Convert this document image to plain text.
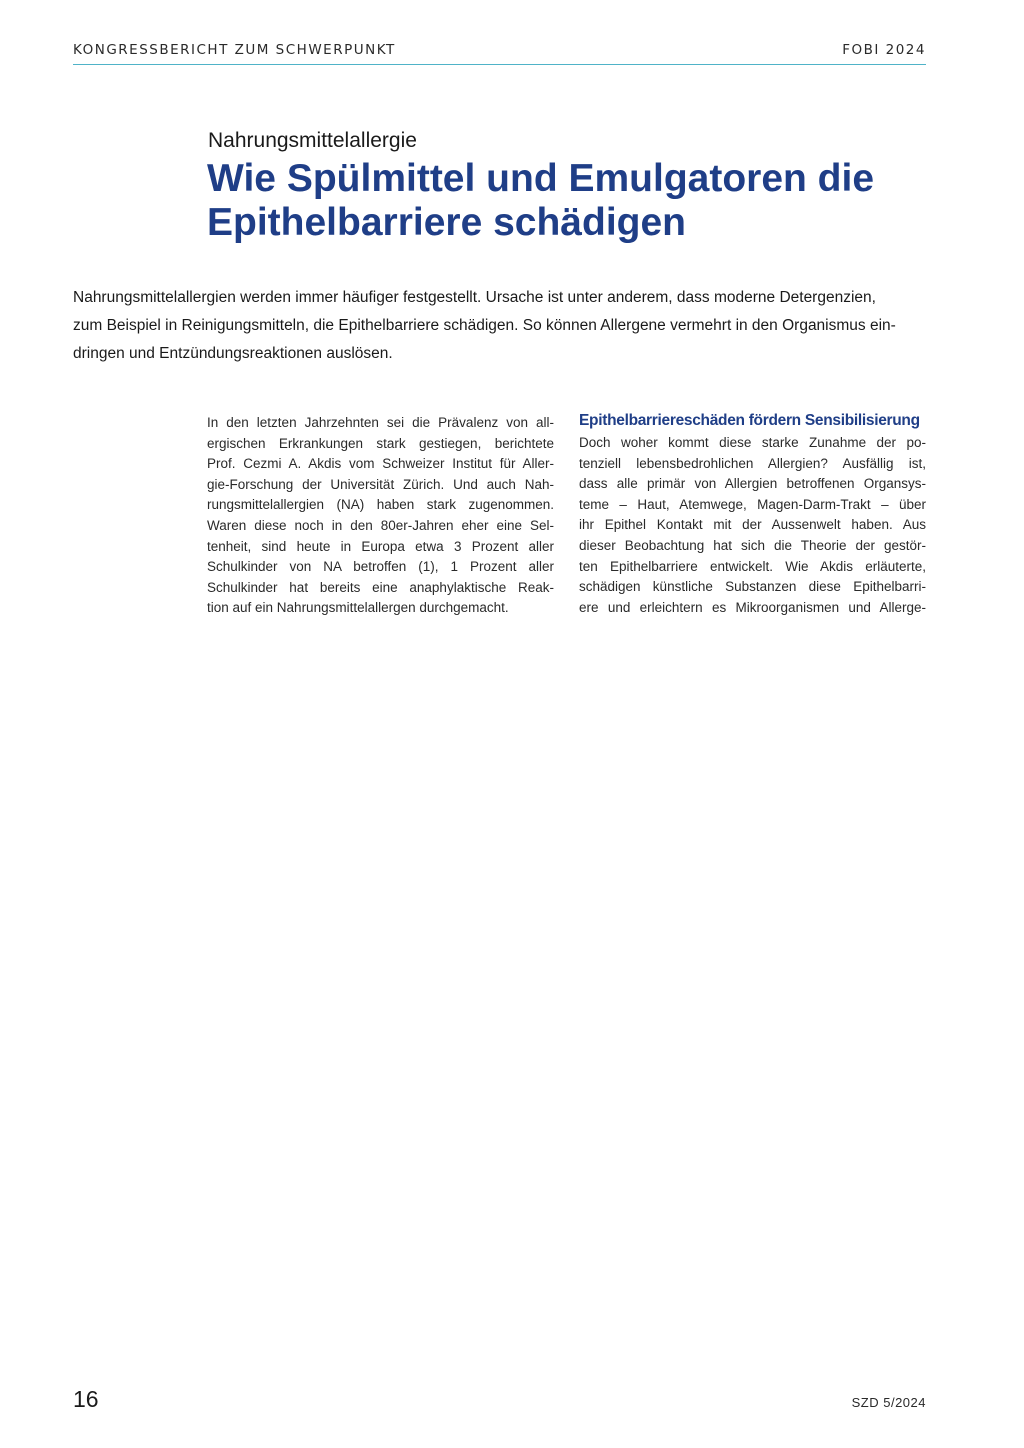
KONGRESSBERICHT ZUM SCHWERPUNKT	FOBI 2024
Nahrungsmittelallergie
Wie Spülmittel und Emulgatoren die
Epithelbarriere schädigen
Nahrungsmittelallergien werden immer häufiger festgestellt. Ursache ist unter anderem, dass moderne Detergenzien,
zum Beispiel in Reinigungsmitteln, die Epithelbarriere schädigen. So können Allergene vermehrt in den Organismus ein-
dringen und Entzündungsreaktionen auslösen.
In den letzten Jahrzehnten sei die Prävalenz von all-
ergischen Erkrankungen stark gestiegen, berichtete
Prof. Cezmi A. Akdis vom Schweizer Institut für Aller-
gie-Forschung der Universität Zürich. Und auch Nah-
rungsmittelallergien (NA) haben stark zugenommen.
Waren diese noch in den 80er-Jahren eher eine Sel-
tenheit, sind heute in Europa etwa 3 Prozent aller
Schulkinder von NA betroffen (1), 1 Prozent aller
Schulkinder hat bereits eine anaphylaktische Reak-
tion auf ein Nahrungsmittelallergen durchgemacht.
Epithelbarriereschäden fördern Sensibilisierung
Doch woher kommt diese starke Zunahme der po-
tenziell lebensbedrohlichen Allergien? Ausfällig ist,
dass alle primär von Allergien betroffenen Organsys-
teme – Haut, Atemwege, Magen-Darm-Trakt – über
ihr Epithel Kontakt mit der Aussenwelt haben. Aus
dieser Beobachtung hat sich die Theorie der gestör-
ten Epithelbarriere entwickelt. Wie Akdis erläuterte,
schädigen künstliche Substanzen diese Epithelbarri-
ere und erleichtern es Mikroorganismen und Allerge-
16	SZD 5/2024
